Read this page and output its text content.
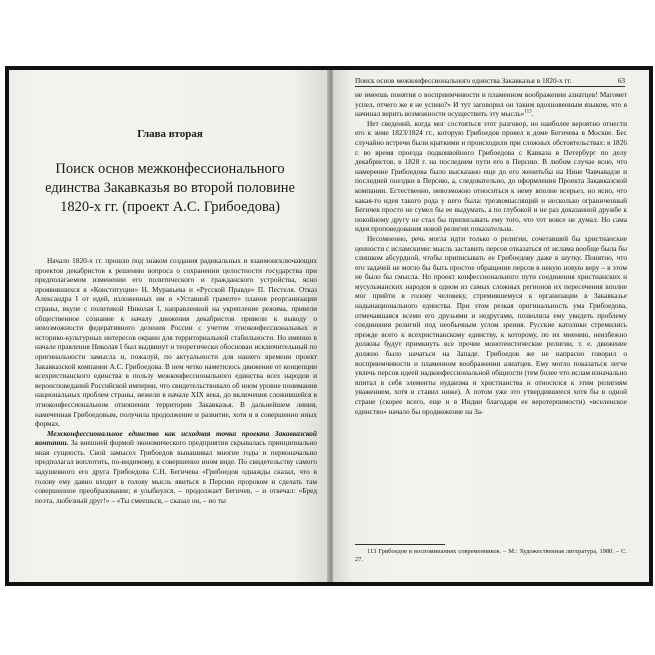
Глава вторая
Поиск основ межконфессионального единства Закавказья во второй половине 1820-х гг. (проект А.С. Грибоедова)

Начало 1820-х гг. прошло под знаком создания радикальных и взаимоисключающих проектов декабристов к решению вопроса о сохранении целостности государства при предполагаемом изменении его политического и гражданского устройства, ясно проявившихся в «Конституции» Н. Муравьева и «Русской Правде» П. Пестеля. Отказ Александра I от идей, изложенных им в «Уставной грамоте» планов реорганизации страны, вкупе с политикой Николая I, направленной на укрепление режима, привели общественное сознание к началу движения декабристов привели к выводу о невозможности федеративного деления России с учетом этноконфессиональных и историко-культурных интересов окраин для территориальной стабильности. Но именно в начале правления Николая I был выдвинут и теоретически обоснован исключительный по оригинальности замысла и, пожалуй, по актуальности для нашего времени проект Закавказской компании А.С. Грибоедова. В нем четко наметилось движение от концепции всехристианского единства в пользу межконфессионального единства всех народов и вероисповеданий Российской империи, что свидетельствовало об ином уровне понимания национальных проблем страны, нежели в начале XIX века, до включения сложившейся в этноконфессиональном отношении территории Закавказья. В дальнейшем линия, намеченная Грибоедовым, получила продолжение и развитие, хотя и в совершенно иных формах.

Межконфессиональное единство как исходная точка проекта Закавказской компании. За внешней формой экономического предприятия скрывалась принципиально иная сущность. Свой замысел Грибоедов вынашивал многие годы и первоначально предполагал воплотить, по-видимому, в совершенно ином виде. По свидетельству самого задушевного его друга Грибоедова С.Н. Бегичева «Грибоедов однажды сказал, что в голову ему давно входит в голову мысль явиться в Персию пророком и сделать там совершенное преобразование; я улыбнулся, – продолжает Бегичев, – и отвечал: «Бред поэта, любезный друг!» – «Ты смеешься, – сказал он, – но ты

Поиск основ межконфессионального единства Закавказья в 1820-х гг.	63

не имеешь понятия о восприимчивости и пламенном воображении азиатцев! Магомет успел, отчего же я не успею?» И тут заговорил он таким вдохновенным языком, что я начинал верить возможности осуществить эту мысль»$^{113}$.

Нет сведений, когда мог состояться этот разговор, но наиболее вероятно отнести его к зиме 1823/1824 гг., которую Грибоедов провел в доме Бегичева в Москве. Бес случайно встречи были краткими и происходили при сложных обстоятельствах: в 1826 г. во время проезда подконвойного Грибоедова с Кавказа в Петербург по делу декабристов, в 1828 г. на последнем пути его в Персию. В любом случае ясно, что намерение Грибоедова было высказано еще до его женитьбы на Нине Чавчавадзе и последней поездки в Персию, а, следовательно, до оформления Проекта Закавказской компании. Естественно, невозможно относиться к нему вполне всерьез, но ясно, что какая-то идея такого рода у него была: трезвомыслящий и несколько ограниченный Бегичев просто не сумел бы ее выдумать, а по глубокой и не раз доказанной дружбе к покойному другу не стал бы приписывать ему того, что тот вовсе не думал. Но сама идея проповедования новой религии показательна.

Несомненно, речь могла идти только о религии, сочетавшей бы христианские ценности с исламскими: мысль заставить персов отказаться от ислама вообще была бы слишком абсурдной, чтобы приписывать ее Грибоедову даже в шутку. Понятно, что его задачей не могло бы быть простое обращение персов в некую новую веру – в этом не было бы смысла. Но проект конфессионального пути соединения христианских и мусульманских народов в одном из самых сложных регионов их пересечения вполне мог прийти в голову человеку, стремившемуся к организации в Закавказье надынационального единства. При этом резкая оригинальность ума Грибоедова, отмечавшаяся всеми его друзьями и недругами, позволила ему увидеть проблему соединения религий под необычным углом зрения. Русские католики стремились прежде всего к всехристианскому единству, к которому, по их мнению, неизбежно должны будут примкнуть все прочие монотеистические религии, т. е. движение должно было начаться на Западе. Грибоедов же не напрасно говорил о восприимчивости и пламенном воображении азиатцев. Ему могло показаться легче увлечь персов идеей надконфессиональной общности (тем более что ислам изначально впитал в себя элементы иудаизма и христианства и относился к этим религиям уважением, хотя и ставил ниже). А потом уже это утвердившееся хотя бы в одной стране (скорее всего, еще и в Индии благодаря ее веротерпимости) «вселенское единство» начало бы продвижение на За-

113 Грибоедов в воспоминаниях современников. – М.: Художественная литература, 1980. – С. 27.
